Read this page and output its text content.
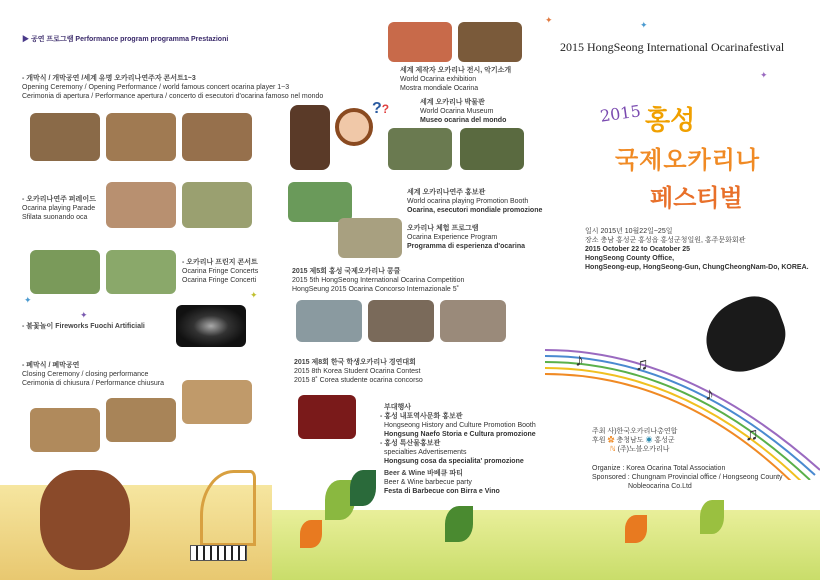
▶ 공연 프로그램 Performance program programma Prestazioni
- 개막식 / 개막공연 /세계 유명 오카리나연주자 콘서트1~3
Opening Ceremony / Opening Performance / world famous concert ocarina player 1~3
Cerimonia di apertura / Performance apertura / concerto di esecutori d'ocarina famoso nel mondo
- 오카리나연주 퍼레이드
Ocarina playing Parade
Sfilata suonando oca
- 오카리나 프린지 콘서트
Ocarina Fringe Concerts
Ocarina Fringe Concerti
- 불꽃놀이 Fireworks Fuochi Artificiali
- 폐막식 / 폐막공연
Closing Ceremony / closing performance
Cerimonia di chiusura / Performance chiusura
??
세계 제작자 오카리나 전시, 악기소개
World Ocarina exhibition
Mostra mondiale Ocarina
세계 오카리나 박물관
World Ocarina Museum
Museo ocarina del mondo
세계 오카리나연주 홍보관
World ocarina playing Promotion Booth
Ocarina, esecutori mondiale promozione
오카리나 체험 프로그램
Ocarina Experience Program
Programma di esperienza d'ocarina
2015 제5회 홍성 국제오카리나 콩쿨
2015 5th HongSeong International Ocarina Competition
HongSeung 2015 Ocarina Concorso Internazionale 5˚
2015 제8회 한국 학생오카리나 경연대회
2015 8th Korea Student Ocarina Contest
2015 8˚ Corea studente ocarina concorso
부대행사
- 홍성 내포역사문화 홍보관
Hongseong History and Culture Promotion Booth
Hongsung Naefo Storia e Cultura promozione
- 홍성 특산물홍보관
specialties Advertisements
Hongsung cosa da specialita' promozione
Beer & Wine 바베큐 파티
Beer & Wine barbecue party
Festa di Barbecue con Birra e Vino
2015 HongSeong International Ocarinafestival
2015 홍성
국제오카리나
페스티벌
일시 2015년 10월22일~25일
장소 충남 홍성군 홍성읍 홍성군청일원, 홍주문화회관
2015 October 22 to Ocatober 25
HongSeong County Office,
HongSeong-eup, HongSeong-Gun, ChungCheongNam-Do, KOREA.
♪	♫
♪
♫
주최 사)한국오카리나총연합
후원 ✿ 충청남도 ◉ 홍성군
ℕ (주)노블오카리나
Organize : Korea Ocarina Total Association
Sponsored : Chungnam Provincial office / Hongseong County
Nobleocarina Co.Ltd
✦	✦
✦
✦
✦	✦
